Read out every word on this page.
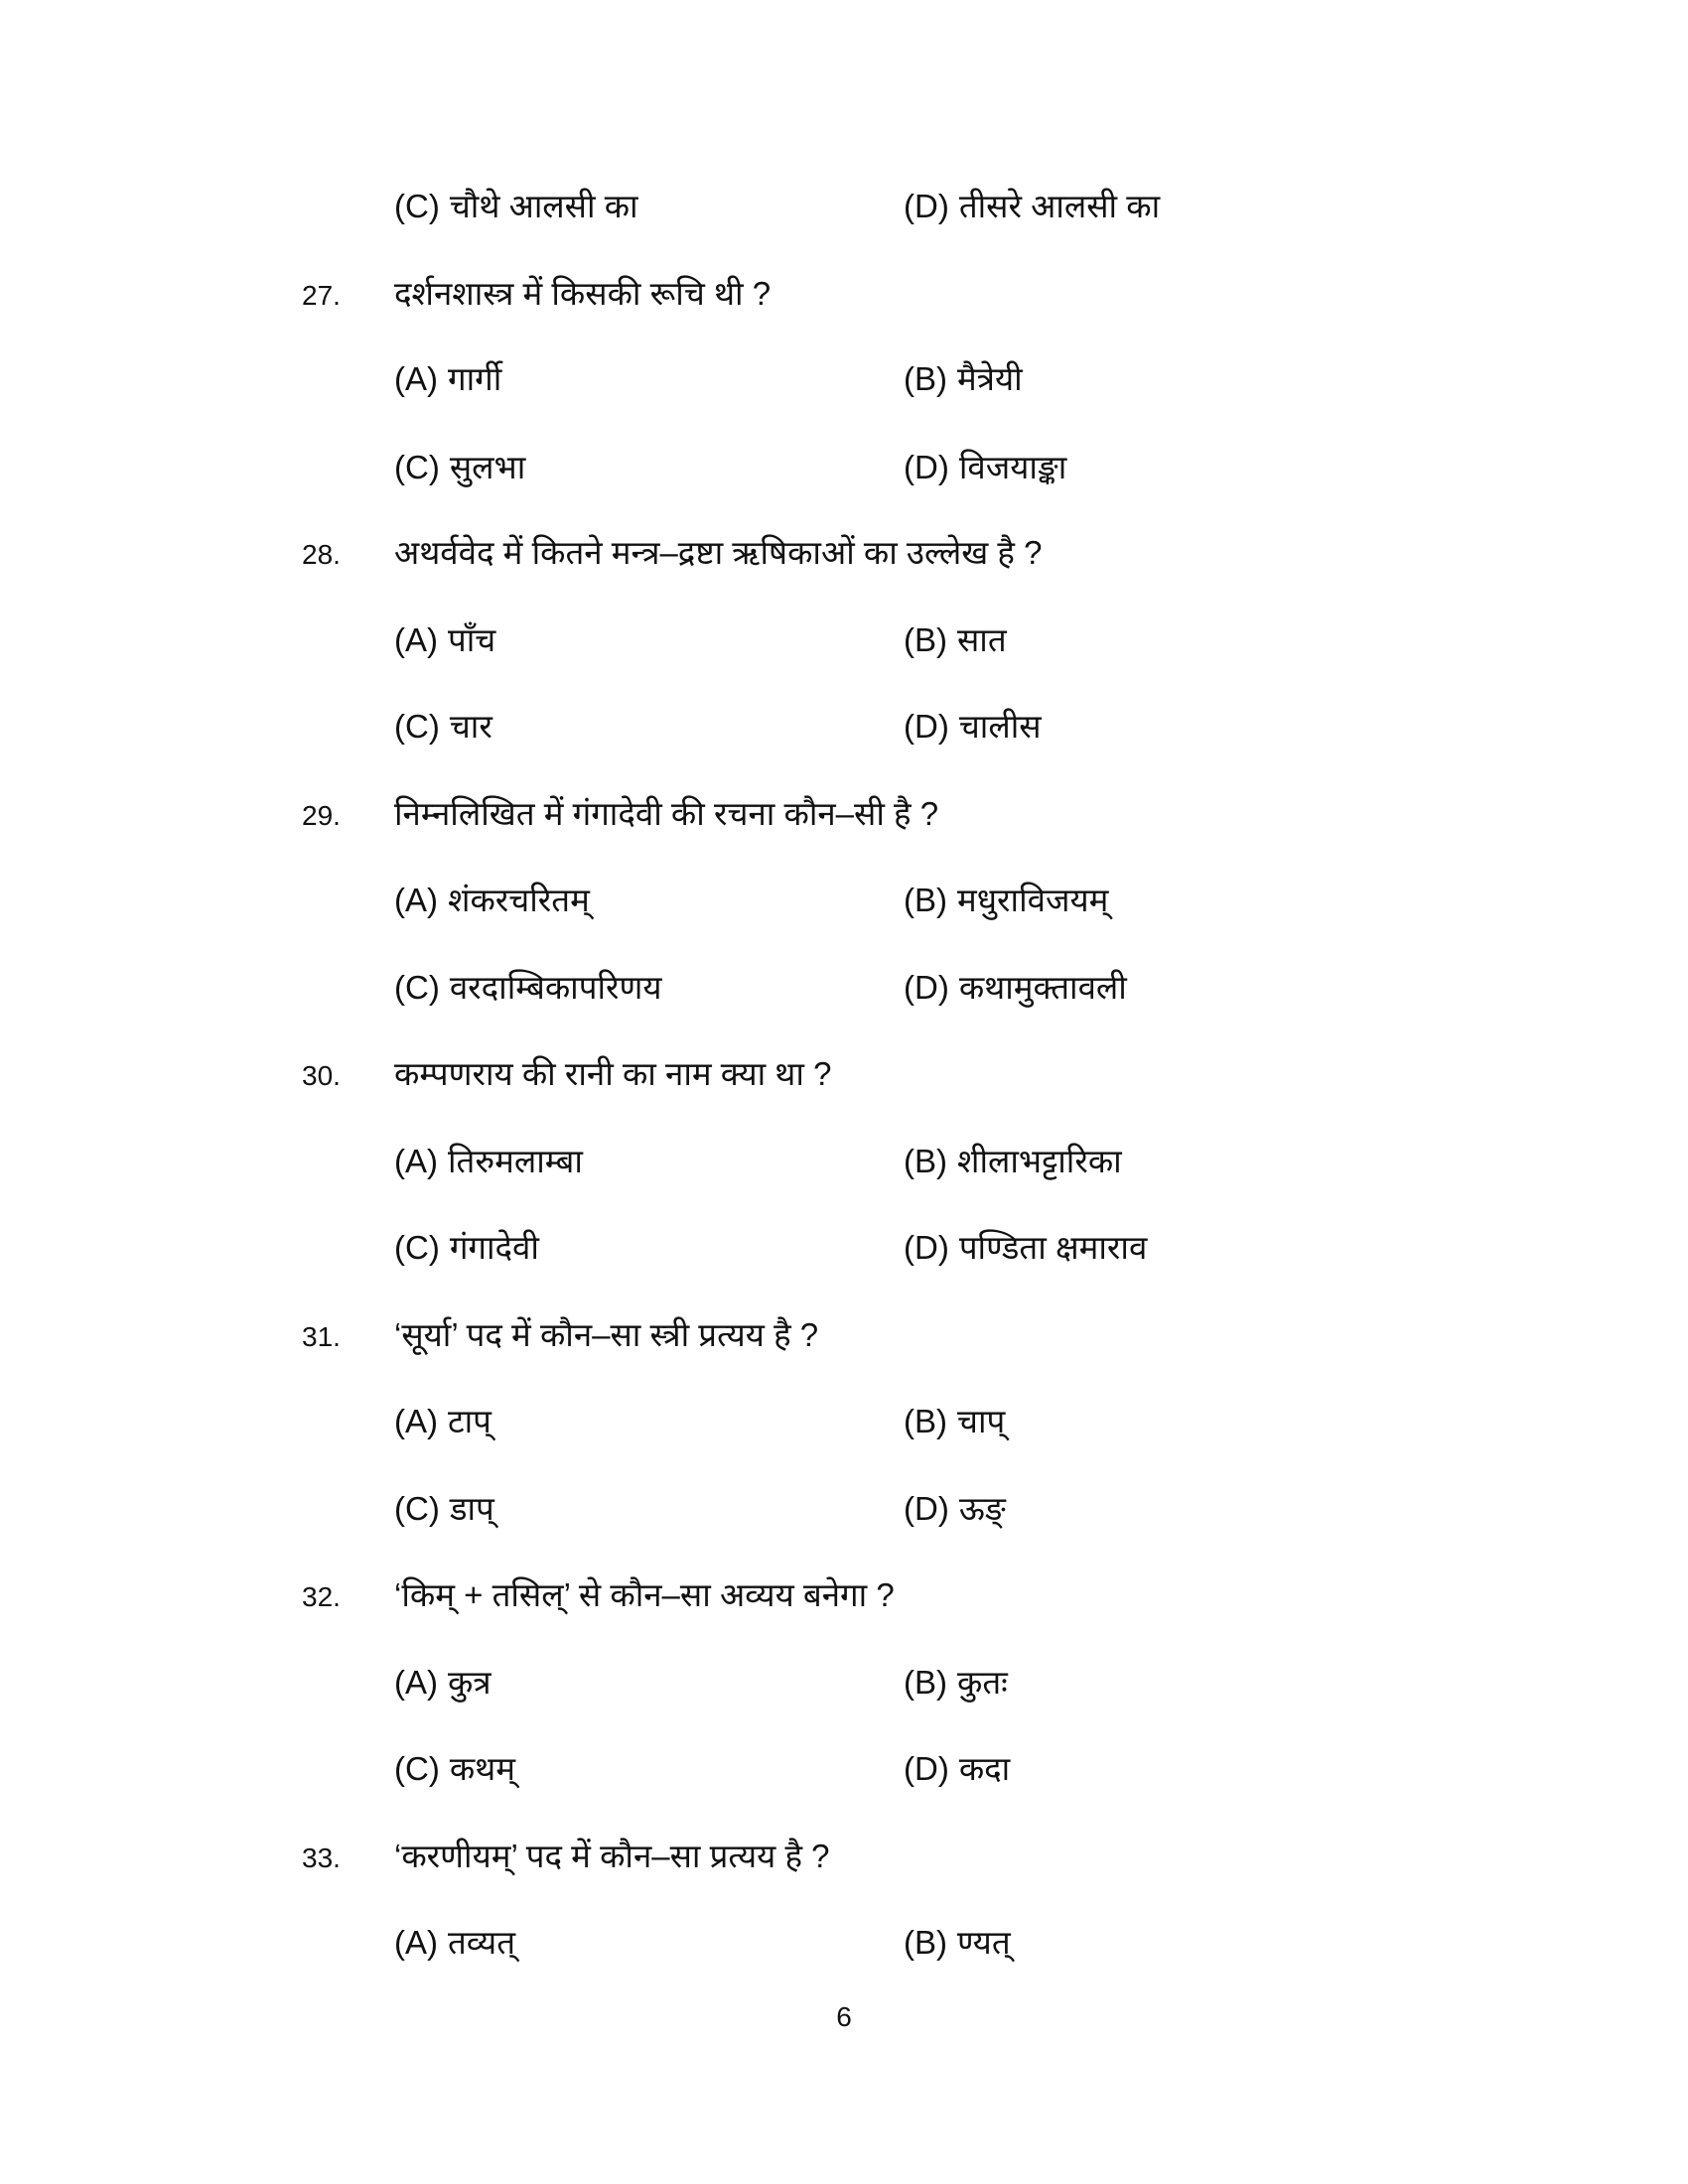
(C) चौथे आलसी का	(D) तीसरे आलसी का
27. दर्शनशास्त्र में किसकी रूचि थी ?
(A) गार्गी	(B) मैत्रेयी
(C) सुलभा	(D) विजयाङ्का
28. अथर्ववेद में कितने मन्त्र–द्रष्टा ऋषिकाओं का उल्लेख है ?
(A) पाँच	(B) सात
(C) चार	(D) चालीस
29. निम्नलिखित में गंगादेवी की रचना कौन–सी है ?
(A) शंकरचरितम्	(B) मधुराविजयम्
(C) वरदाम्बिकापरिणय	(D) कथामुक्तावली
30. कम्पणराय की रानी का नाम क्या था ?
(A) तिरुमलाम्बा	(B) शीलाभट्टारिका
(C) गंगादेवी	(D) पण्डिता क्षमाराव
31. ‘सूर्या’ पद में कौन–सा स्त्री प्रत्यय है ?
(A) टाप्	(B) चाप्
(C) डाप्	(D) ऊङ्
32. ‘किम् + तसिल्’ से कौन–सा अव्यय बनेगा ?
(A) कुत्र	(B) कुतः
(C) कथम्	(D) कदा
33. ‘करणीयम्’ पद में कौन–सा प्रत्यय है ?
(A) तव्यत्	(B) ण्यत्
6
